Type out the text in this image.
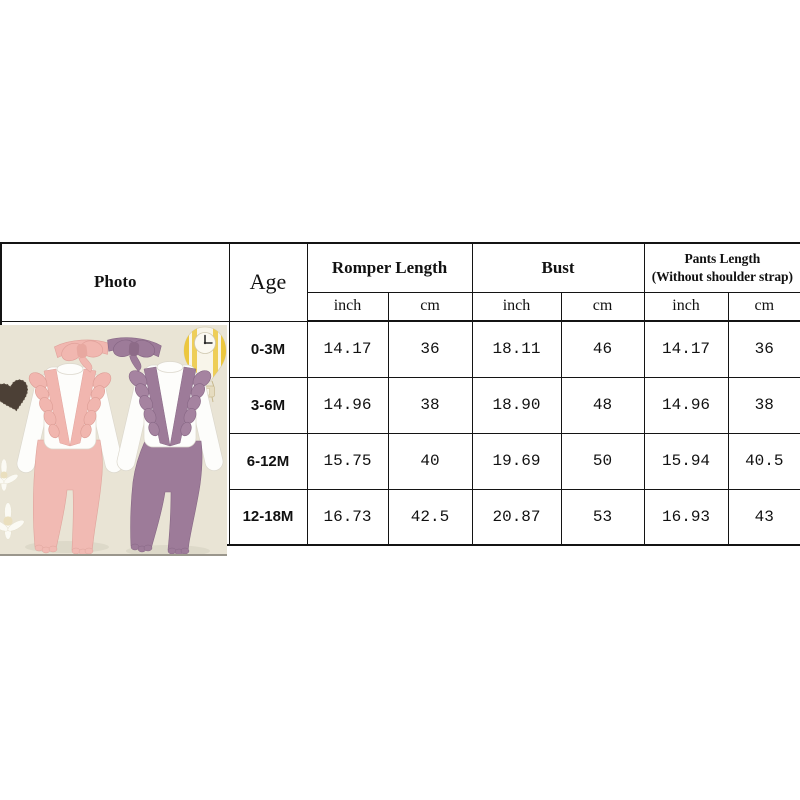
Photo	Age	Romper Length		Bust		Pants Length
(Without shoulder strap)	

		inch	cm	inch	cm	inch	cm
	0-3M	14.17	36	18.11	46	14.17	36
	3-6M	14.96	38	18.90	48	14.96	38
	6-12M	15.75	40	19.69	50	15.94	40.5
	12-18M	16.73	42.5	20.87	53	16.93	43
